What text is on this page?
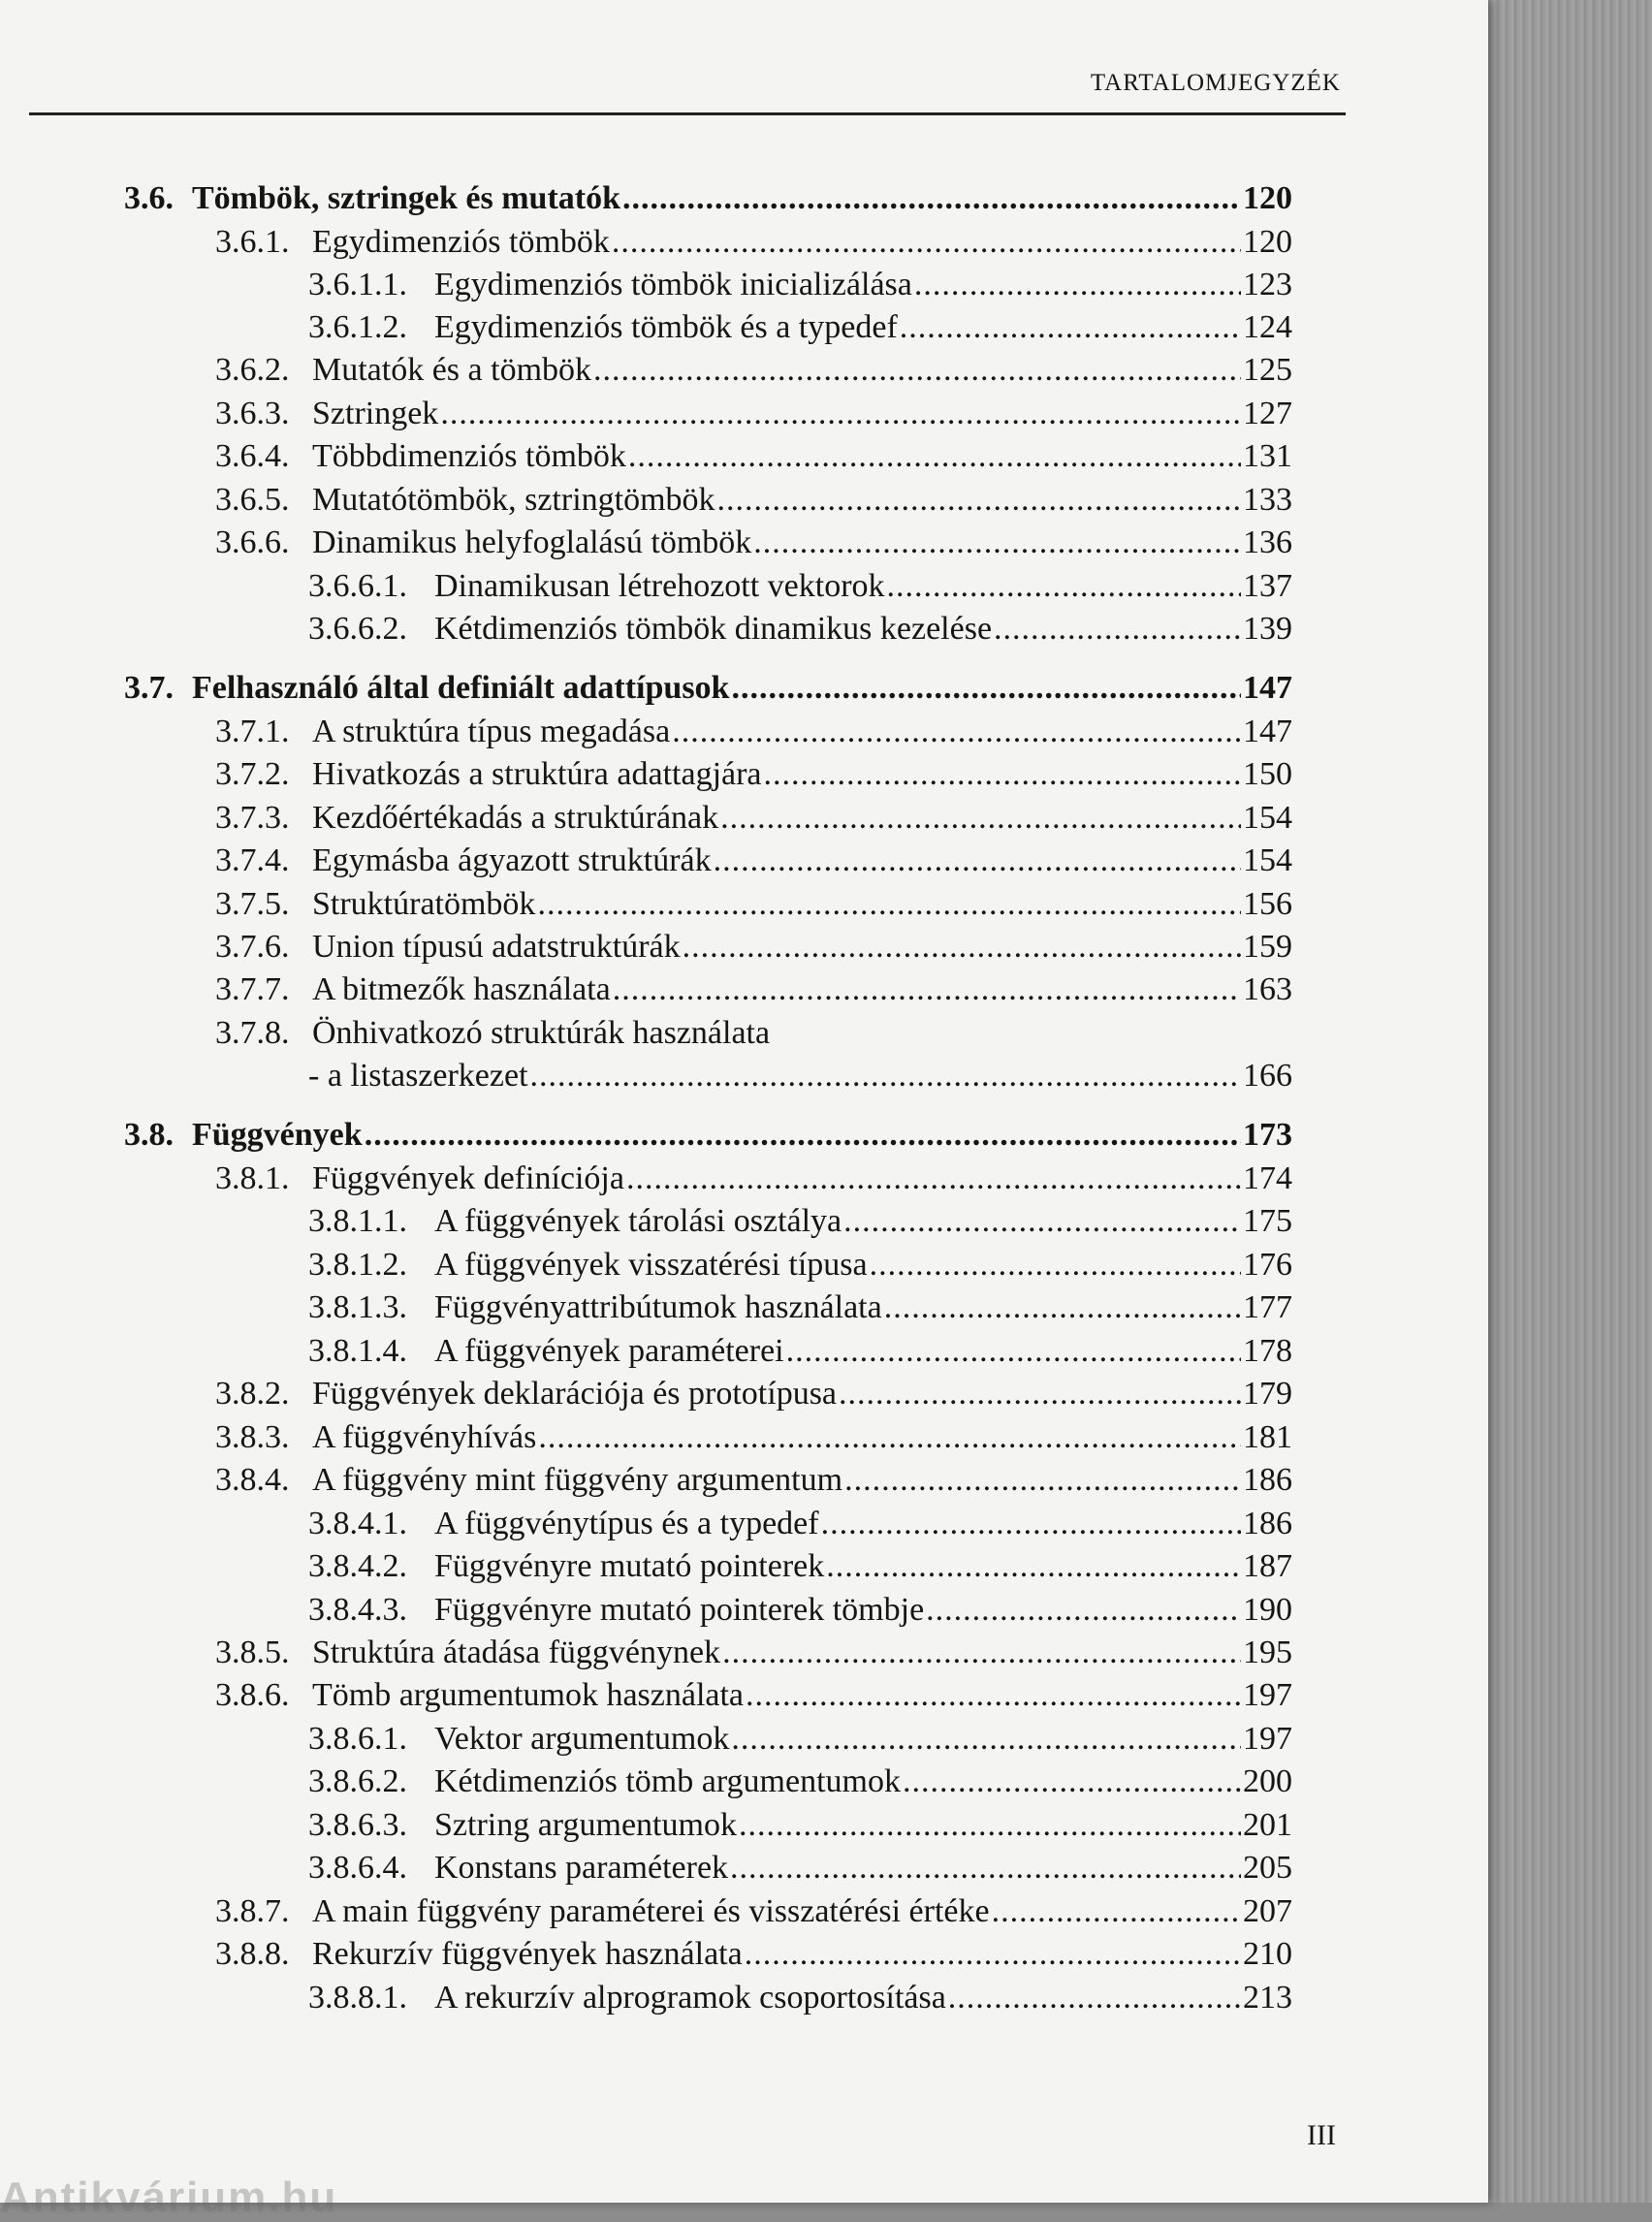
TARTALOMJEGYZÉK
3.6. Tömbök, sztringek és mutatók .....	120
3.6.1. Egydimenziós tömbök .....	120
3.6.1.1. Egydimenziós tömbök inicializálása .....	123
3.6.1.2. Egydimenziós tömbök és a typedef .....	124
3.6.2. Mutatók és a tömbök .....	125
3.6.3. Sztringek .....	127
3.6.4. Többdimenziós tömbök .....	131
3.6.5. Mutatótömbök, sztringtömbök .....	133
3.6.6. Dinamikus helyfoglalású tömbök .....	136
3.6.6.1. Dinamikusan létrehozott vektorok .....	137
3.6.6.2. Kétdimenziós tömbök dinamikus kezelése .....	139
3.7. Felhasználó által definiált adattípusok .....	147
3.7.1. A struktúra típus megadása .....	147
3.7.2. Hivatkozás a struktúra adattagjára .....	150
3.7.3. Kezdőértékadás a struktúrának .....	154
3.7.4. Egymásba ágyazott struktúrák .....	154
3.7.5. Struktúratömbök .....	156
3.7.6. Union típusú adatstruktúrák .....	159
3.7.7. A bitmezők használata .....	163
3.7.8. Önhivatkozó struktúrák használata
- a listaszerkezet .....	166
3.8. Függvények .....	173
3.8.1. Függvények definíciója .....	174
3.8.1.1. A függvények tárolási osztálya .....	175
3.8.1.2. A függvények visszatérési típusa .....	176
3.8.1.3. Függvényattribútumok használata .....	177
3.8.1.4. A függvények paraméterei .....	178
3.8.2. Függvények deklarációja és prototípusa .....	179
3.8.3. A függvényhívás .....	181
3.8.4. A függvény mint függvény argumentum .....	186
3.8.4.1. A függvénytípus és a typedef .....	186
3.8.4.2. Függvényre mutató pointerek .....	187
3.8.4.3. Függvényre mutató pointerek tömbje .....	190
3.8.5. Struktúra átadása függvénynek .....	195
3.8.6. Tömb argumentumok használata .....	197
3.8.6.1. Vektor argumentumok .....	197
3.8.6.2. Kétdimenziós tömb argumentumok .....	200
3.8.6.3. Sztring argumentumok .....	201
3.8.6.4. Konstans paraméterek .....	205
3.8.7. A main függvény paraméterei és visszatérési értéke .....	207
3.8.8. Rekurzív függvények használata .....	210
3.8.8.1. A rekurzív alprogramok csoportosítása .....	213
III
Antikvárium.hu
